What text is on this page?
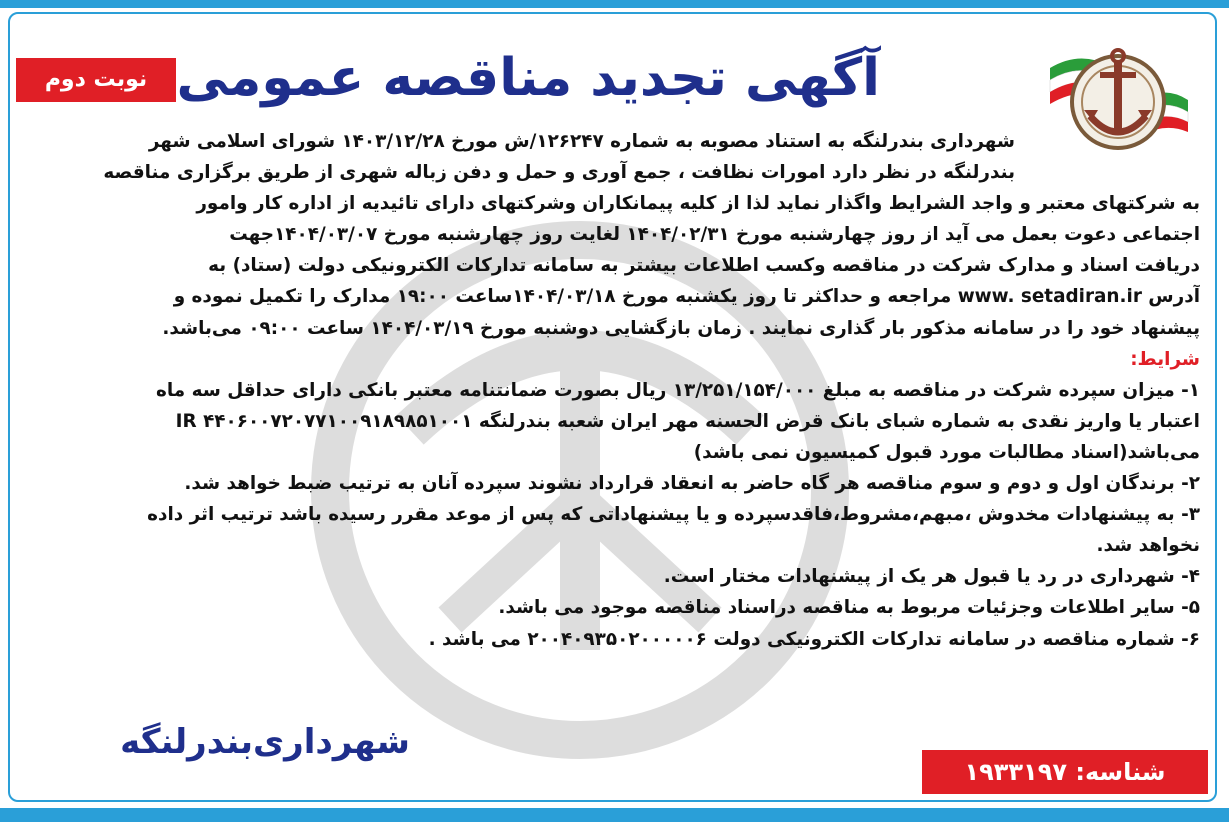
آگهی تجدید مناقصه عمومی
نوبت دوم
شهرداری بندرلنگه به استناد مصوبه به شماره ۱۲۶۲۴۷/ش مورخ ۱۴۰۳/۱۲/۲۸ شورای اسلامی شهر
بندرلنگه در نظر دارد امورات نظافت ، جمع آوری و حمل و دفن زباله شهری از طریق برگزاری مناقصه
به شرکتهای معتبر و واجد الشرایط واگذار نماید لذا از کلیه پیمانکاران وشرکتهای دارای تائیدیه از اداره کار وامور
اجتماعی دعوت بعمل می آید از روز چهارشنبه مورخ ۱۴۰۴/۰۲/۳۱ لغایت روز چهارشنبه مورخ ۱۴۰۴/۰۳/۰۷جهت
دریافت اسناد و مدارک شرکت در مناقصه وکسب اطلاعات بیشتر به سامانه تدارکات الکترونیکی دولت (ستاد) به
آدرس www. setadiran.ir مراجعه و حداکثر تا روز یکشنبه مورخ ۱۴۰۴/۰۳/۱۸ساعت ۱۹:۰۰ مدارک را تکمیل نموده و
پیشنهاد خود را در سامانه مذکور بار گذاری نمایند . زمان بازگشایی دوشنبه مورخ ۱۴۰۴/۰۳/۱۹ ساعت ۰۹:۰۰ می‌باشد.
شرایط:
۱- میزان سپرده شرکت در مناقصه به مبلغ ۱۳/۲۵۱/۱۵۴/۰۰۰ ریال بصورت ضمانتنامه معتبر بانکی دارای حداقل سه ماه
اعتبار یا واریز نقدی به شماره شبای بانک قرض الحسنه مهر ایران شعبه بندرلنگه IR ۴۴۰۶۰۰۷۲۰۷۷۱۰۰۹۱۸۹۸۵۱۰۰۱
می‌باشد(اسناد مطالبات مورد قبول کمیسیون نمی باشد)
۲- برندگان اول و دوم و سوم مناقصه هر گاه حاضر به انعقاد قرارداد نشوند سپرده آنان به ترتیب ضبط خواهد شد.
۳- به پیشنهادات مخدوش ،مبهم،مشروط،فاقدسپرده و یا پیشنهاداتی که پس از موعد مقرر رسیده باشد ترتیب اثر داده
نخواهد شد.
۴- شهرداری در رد یا قبول هر یک از پیشنهادات مختار است.
۵- سایر اطلاعات وجزئیات مربوط به مناقصه دراسناد مناقصه موجود می باشد.
۶- شماره مناقصه در سامانه تدارکات الکترونیکی دولت ۲۰۰۴۰۹۳۵۰۲۰۰۰۰۰۶ می باشد .
شهرداری‌بندرلنگه
شناسه: ۱۹۳۳۱۹۷
